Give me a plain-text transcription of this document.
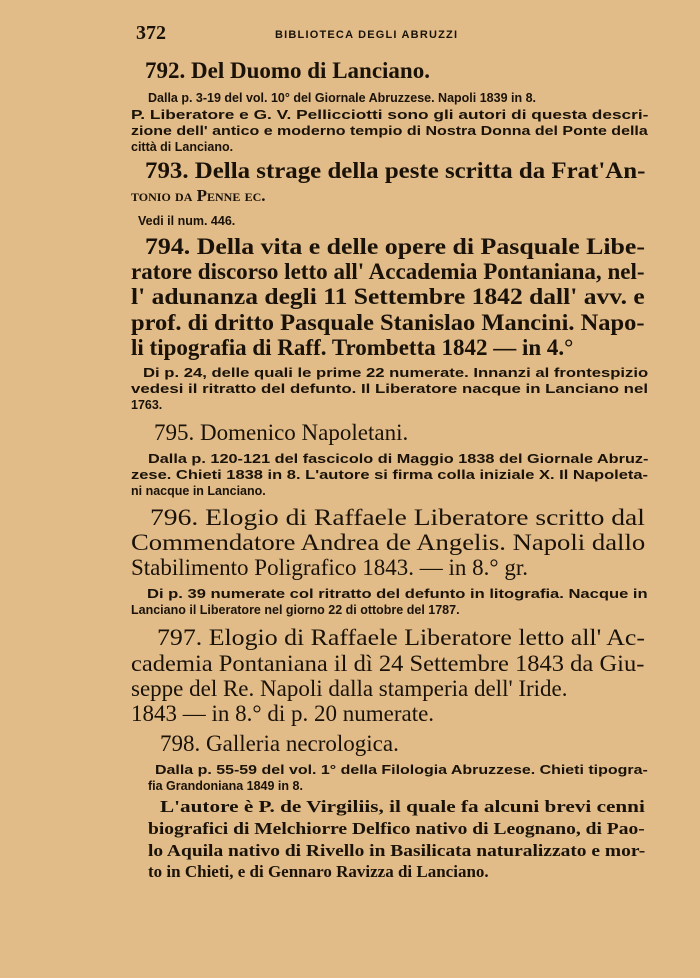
372	BIBLIOTECA DEGLI ABRUZZI
792. Del Duomo di Lanciano.
Dalla p. 3-19 del vol. 10° del Giornale Abruzzese. Napoli 1839 in 8.
P. Liberatore e G. V. Pellicciotti sono gli autori di questa descri-
zione dell' antico e moderno tempio di Nostra Donna del Ponte della
città di Lanciano.
793. Della strage della peste scritta da Frat'An-
tonio da Penne ec.
Vedi il num. 446.
794. Della vita e delle opere di Pasquale Libe-
ratore discorso letto all' Accademia Pontaniana, nel-
l' adunanza degli 11 Settembre 1842 dall' avv. e
prof. di dritto Pasquale Stanislao Mancini. Napo-
li tipografia di Raff. Trombetta 1842 — in 4.°
Di p. 24, delle quali le prime 22 numerate. Innanzi al frontespizio
vedesi il ritratto del defunto. Il Liberatore nacque in Lanciano nel
1763.
795. Domenico Napoletani.
Dalla p. 120-121 del fascicolo di Maggio 1838 del Giornale Abruz-
zese. Chieti 1838 in 8. L'autore si firma colla iniziale X. Il Napoleta-
ni nacque in Lanciano.
796. Elogio di Raffaele Liberatore scritto dal
Commendatore Andrea de Angelis. Napoli dallo
Stabilimento Poligrafico 1843. — in 8.° gr.
Di p. 39 numerate col ritratto del defunto in litografia. Nacque in
Lanciano il Liberatore nel giorno 22 di ottobre del 1787.
797. Elogio di Raffaele Liberatore letto all' Ac-
cademia Pontaniana il dì 24 Settembre 1843 da Giu-
seppe del Re. Napoli dalla stamperia dell' Iride.
1843 — in 8.° di p. 20 numerate.
798. Galleria necrologica.
Dalla p. 55-59 del vol. 1° della Filologia Abruzzese. Chieti tipogra-
fia Grandoniana 1849 in 8.
L'autore è P. de Virgiliis, il quale fa alcuni brevi cenni
biografici di Melchiorre Delfico nativo di Leognano, di Pao-
lo Aquila nativo di Rivello in Basilicata naturalizzato e mor-
to in Chieti, e di Gennaro Ravizza di Lanciano.
